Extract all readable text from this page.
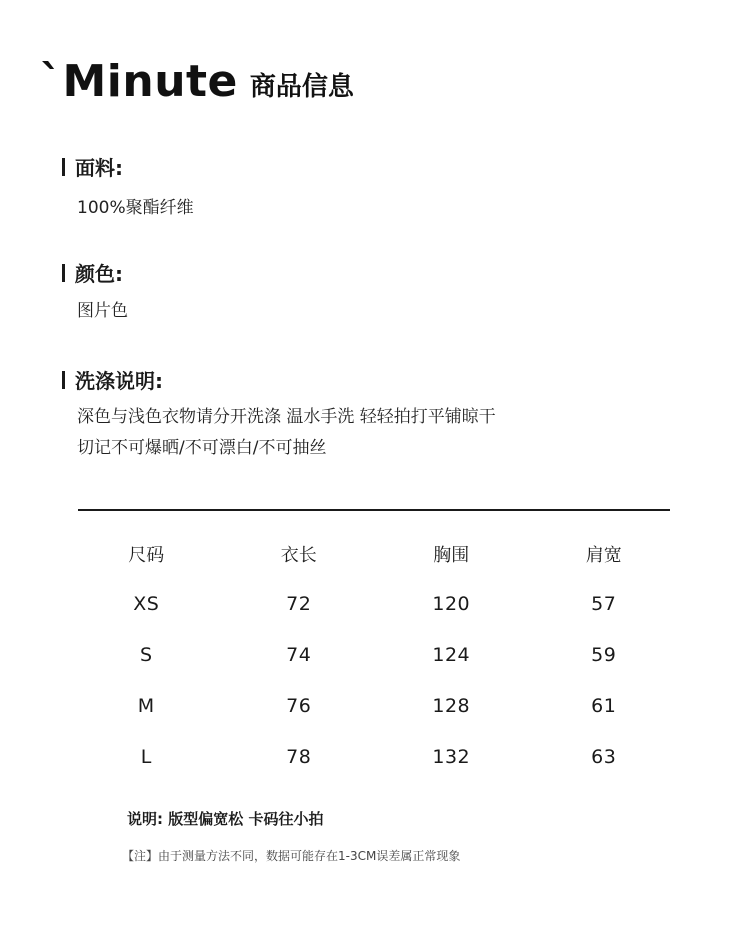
`Minute 商品信息
面料:
100%聚酯纤维
颜色:
图片色
洗涤说明:
深色与浅色衣物请分开洗涤 温水手洗 轻轻拍打平铺晾干
切记不可爆晒/不可漂白/不可抽丝
尺码	衣长	胸围	肩宽
XS	72	120	57
S	74	124	59
M	76	128	61
L	78	132	63
说明: 版型偏宽松 卡码往小拍
【注】由于测量方法不同，数据可能存在1-3CM误差属正常现象
